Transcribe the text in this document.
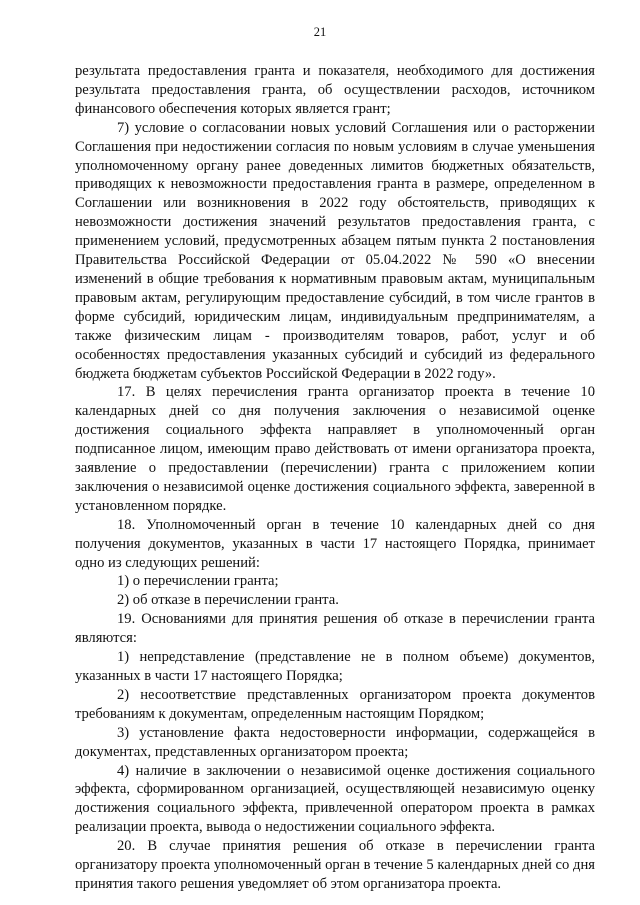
21

результата предоставления гранта и показателя, необходимого для достижения результата предоставления гранта, об осуществлении расходов, источником финансового обеспечения которых является грант;

7) условие о согласовании новых условий Соглашения или о расторжении Соглашения при недостижении согласия по новым условиям в случае уменьшения уполномоченному органу ранее доведенных лимитов бюджетных обязательств, приводящих к невозможности предоставления гранта в размере, определенном в Соглашении или возникновения в 2022 году обстоятельств, приводящих к невозможности достижения значений результатов предоставления гранта, с применением условий, предусмотренных абзацем пятым пункта 2 постановления Правительства Российской Федерации от 05.04.2022 № 590 «О внесении изменений в общие требования к нормативным правовым актам, муниципальным правовым актам, регулирующим предоставление субсидий, в том числе грантов в форме субсидий, юридическим лицам, индивидуальным предпринимателям, а также физическим лицам - производителям товаров, работ, услуг и об особенностях предоставления указанных субсидий и субсидий из федерального бюджета бюджетам субъектов Российской Федерации в 2022 году».

17. В целях перечисления гранта организатор проекта в течение 10 календарных дней со дня получения заключения о независимой оценке достижения социального эффекта направляет в уполномоченный орган подписанное лицом, имеющим право действовать от имени организатора проекта, заявление о предоставлении (перечислении) гранта с приложением копии заключения о независимой оценке достижения социального эффекта, заверенной в установленном порядке.

18. Уполномоченный орган в течение 10 календарных дней со дня получения документов, указанных в части 17 настоящего Порядка, принимает одно из следующих решений:

1) о перечислении гранта;

2) об отказе в перечислении гранта.

19. Основаниями для принятия решения об отказе в перечислении гранта являются:

1) непредставление (представление не в полном объеме) документов, указанных в части 17 настоящего Порядка;

2) несоответствие представленных организатором проекта документов требованиям к документам, определенным настоящим Порядком;

3) установление факта недостоверности информации, содержащейся в документах, представленных организатором проекта;

4) наличие в заключении о независимой оценке достижения социального эффекта, сформированном организацией, осуществляющей независимую оценку достижения социального эффекта, привлеченной оператором проекта в рамках реализации проекта, вывода о недостижении социального эффекта.

20. В случае принятия решения об отказе в перечислении гранта организатору проекта уполномоченный орган в течение 5 календарных дней со дня принятия такого решения уведомляет об этом организатора проекта.
